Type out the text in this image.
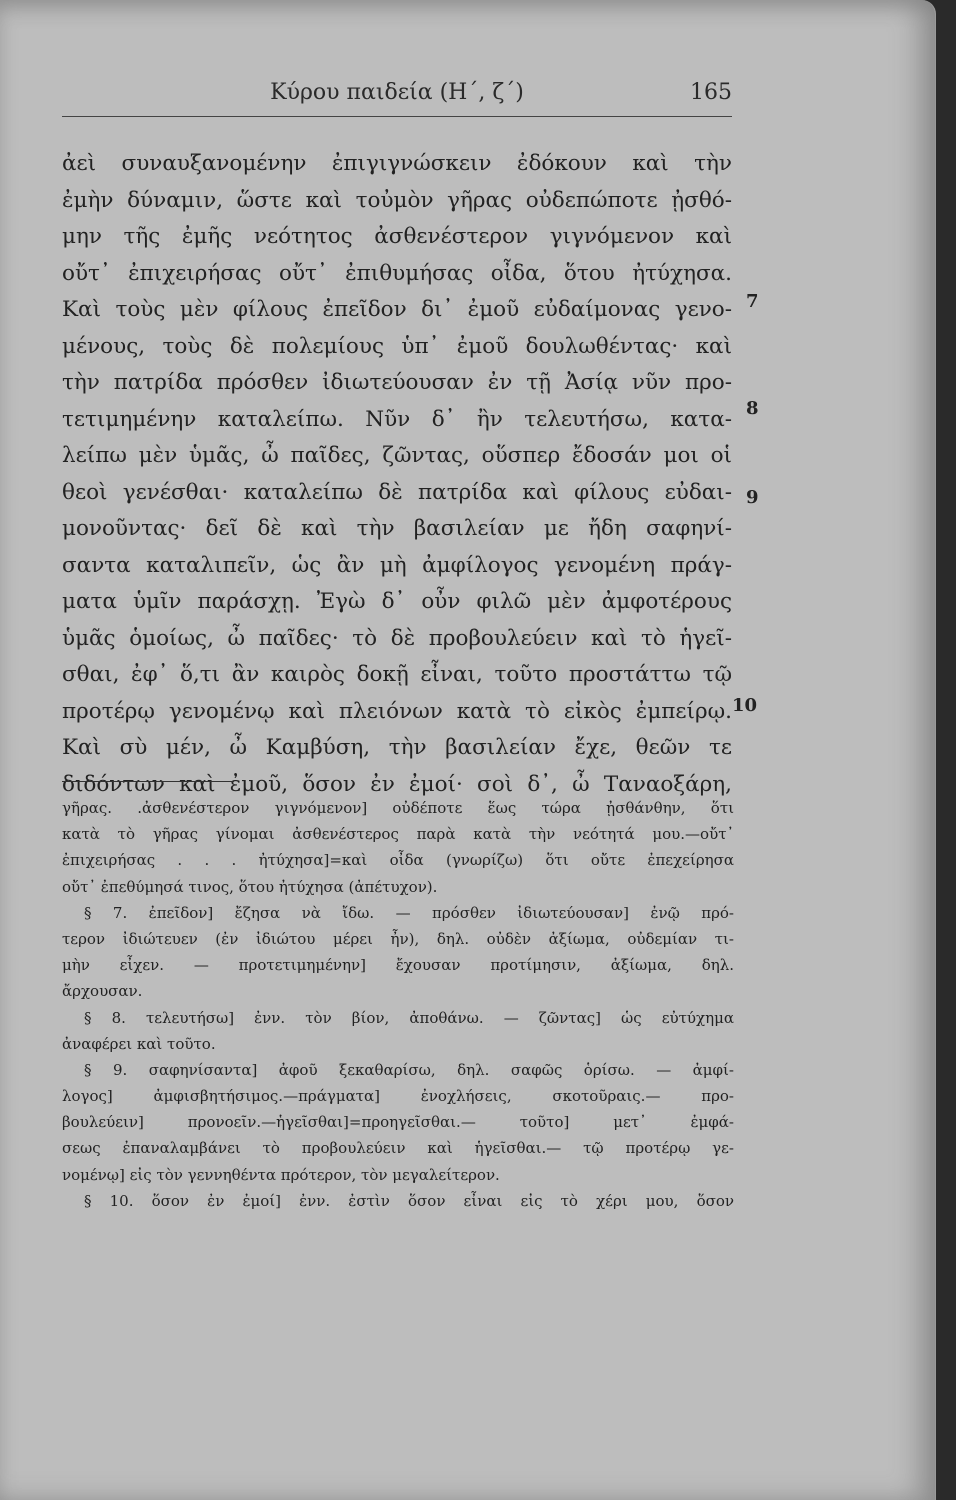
Κύρου παιδεία (Η΄, ζ΄)	165
ἀεὶ συναυξανομένην ἐπιγιγνώσκειν ἐδόκουν καὶ τὴν
ἐμὴν δύναμιν, ὥστε καὶ τοὐμὸν γῆρας οὐδεπώποτε ᾐσθό-
μην τῆς ἐμῆς νεότητος ἀσθενέστερον γιγνόμενον καὶ
οὔτ᾽ ἐπιχειρήσας οὔτ᾽ ἐπιθυμήσας οἶδα, ὅτου ἠτύχησα.
Καὶ τοὺς μὲν φίλους ἐπεῖδον δι᾽ ἐμοῦ εὐδαίμονας γενο-
μένους, τοὺς δὲ πολεμίους ὑπ᾽ ἐμοῦ δουλωθέντας· καὶ
τὴν πατρίδα πρόσθεν ἰδιωτεύουσαν ἐν τῇ Ἀσίᾳ νῦν προ-
τετιμημένην καταλείπω. Νῦν δ᾽ ἢν τελευτήσω, κατα-
λείπω μὲν ὑμᾶς, ὦ παῖδες, ζῶντας, οὕσπερ ἔδοσάν μοι οἱ
θεοὶ γενέσθαι· καταλείπω δὲ πατρίδα καὶ φίλους εὐδαι-
μονοῦντας· δεῖ δὲ καὶ τὴν βασιλείαν με ἤδη σαφηνί-
σαντα καταλιπεῖν, ὡς ἂν μὴ ἀμφίλογος γενομένη πράγ-
ματα ὑμῖν παράσχῃ. Ἐγὼ δ᾽ οὖν φιλῶ μὲν ἀμφοτέρους
ὑμᾶς ὁμοίως, ὦ παῖδες· τὸ δὲ προβουλεύειν καὶ τὸ ἡγεῖ-
σθαι, ἐφ᾽ ὅ,τι ἂν καιρὸς δοκῇ εἶναι, τοῦτο προστάττω τῷ
προτέρῳ γενομένῳ καὶ πλειόνων κατὰ τὸ εἰκὸς ἐμπείρῳ.
Καὶ σὺ μέν, ὦ Καμβύση, τὴν βασιλείαν ἔχε, θεῶν τε
διδόντων καὶ ἐμοῦ, ὅσον ἐν ἐμοί· σοὶ δ᾽, ὦ Ταναοξάρη,
7
8
9
10
γῆρας. .ἀσθενέστερον γιγνόμενον] οὐδέποτε ἕως τώρα ᾐσθάνθην, ὅτι
κατὰ τὸ γῆρας γίνομαι ἀσθενέστερος παρὰ κατὰ τὴν νεότητά μου.—οὔτ᾽
ἐπιχειρήσας . . . ἠτύχησα]=καὶ οἶδα (γνωρίζω) ὅτι οὔτε ἐπεχείρησα
οὔτ᾽ ἐπεθύμησά τινος, ὅτου ἠτύχησα (ἀπέτυχον).
§ 7. ἐπεῖδον] ἔζησα νὰ ἴδω. — πρόσθεν ἰδιωτεύουσαν] ἐνῷ πρό-
τερον ἰδιώτευεν (ἐν ἰδιώτου μέρει ἦν), δηλ. οὐδὲν ἀξίωμα, οὐδεμίαν τι-
μὴν εἶχεν. — προτετιμημένην] ἔχουσαν προτίμησιν, ἀξίωμα, δηλ.
ἄρχουσαν.
§ 8. τελευτήσω] ἐνν. τὸν βίον, ἀποθάνω. — ζῶντας] ὡς εὐτύχημα
ἀναφέρει καὶ τοῦτο.
§ 9. σαφηνίσαντα] ἀφοῦ ξεκαθαρίσω, δηλ. σαφῶς ὁρίσω. — ἀμφί-
λογος] ἀμφισβητήσιμος.—πράγματα] ἐνοχλήσεις, σκοτοῦραις.— προ-
βουλεύειν] προνοεῖν.—ἡγεῖσθαι]=προηγεῖσθαι.— τοῦτο] μετ᾽ ἐμφά-
σεως ἐπαναλαμβάνει τὸ προβουλεύειν καὶ ἡγεῖσθαι.— τῷ προτέρῳ γε-
νομένῳ] εἰς τὸν γεννηθέντα πρότερον, τὸν μεγαλείτερον.
§ 10. ὅσον ἐν ἐμοί] ἐνν. ἐστὶν ὅσον εἶναι εἰς τὸ χέρι μου, ὅσον
